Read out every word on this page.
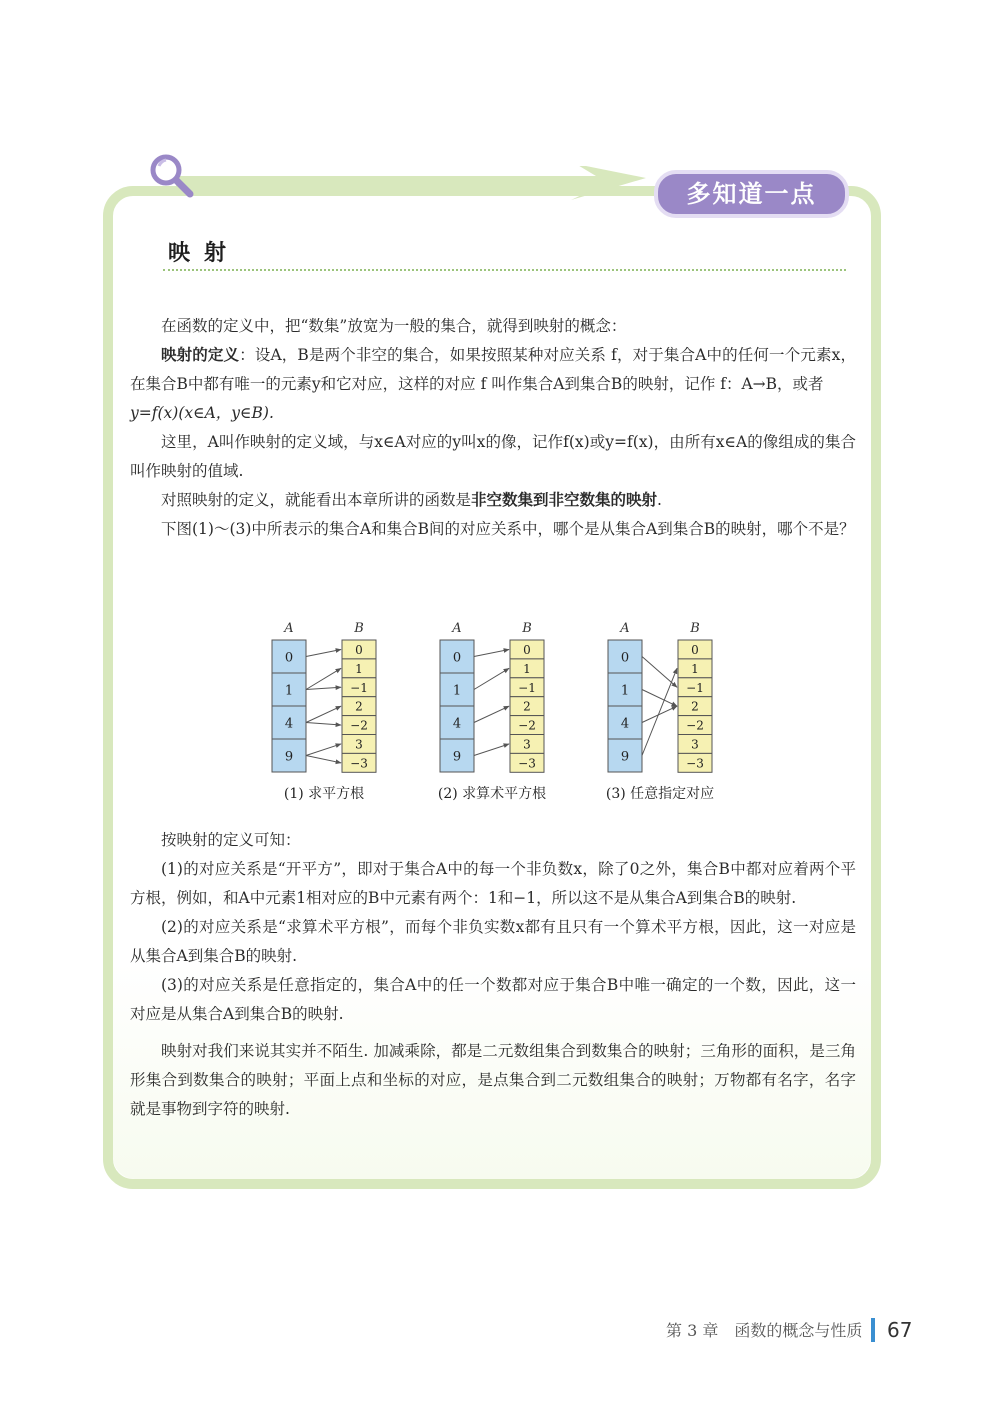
多知道一点
映射

在函数的定义中，把“数集”放宽为一般的集合，就得到映射的概念：

映射的定义：设A，B是两个非空的集合，如果按照某种对应关系 f，对于集合A中的任何一个元素x，在集合B中都有唯一的元素y和它对应，这样的对应 f 叫作集合A到集合B的映射，记作 f：A→B，或者

y=f(x)(x∈A，y∈B).

这里，A叫作映射的定义域，与x∈A对应的y叫x的像，记作f(x)或y=f(x)，由所有x∈A的像组成的集合叫作映射的值域.

对照映射的定义，就能看出本章所讲的函数是非空数集到非空数集的映射.

下图(1)～(3)中所表示的集合A和集合B间的对应关系中，哪个是从集合A到集合B的映射，哪个不是？

A	B
0
1
4
9
0
1
−1
2
−2
3
−3
(1) 求平方根
A	B
0
1
4
9
0
1
−1
2
−2
3
−3
(2) 求算术平方根
A	B
0
1
4
9
0
1
−1
2
−2
3
−3
(3) 任意指定对应

按映射的定义可知：

(1)的对应关系是“开平方”，即对于集合A中的每一个非负数x，除了0之外，集合B中都对应着两个平方根，例如，和A中元素1相对应的B中元素有两个：1和−1，所以这不是从集合A到集合B的映射.

(2)的对应关系是“求算术平方根”，而每个非负实数x都有且只有一个算术平方根，因此，这一对应是从集合A到集合B的映射.

(3)的对应关系是任意指定的，集合A中的任一个数都对应于集合B中唯一确定的一个数，因此，这一对应是从集合A到集合B的映射.

映射对我们来说其实并不陌生. 加减乘除，都是二元数组集合到数集合的映射；三角形的面积，是三角形集合到数集合的映射；平面上点和坐标的对应，是点集合到二元数组集合的映射；万物都有名字，名字就是事物到字符的映射.

第 3 章　函数的概念与性质 67
